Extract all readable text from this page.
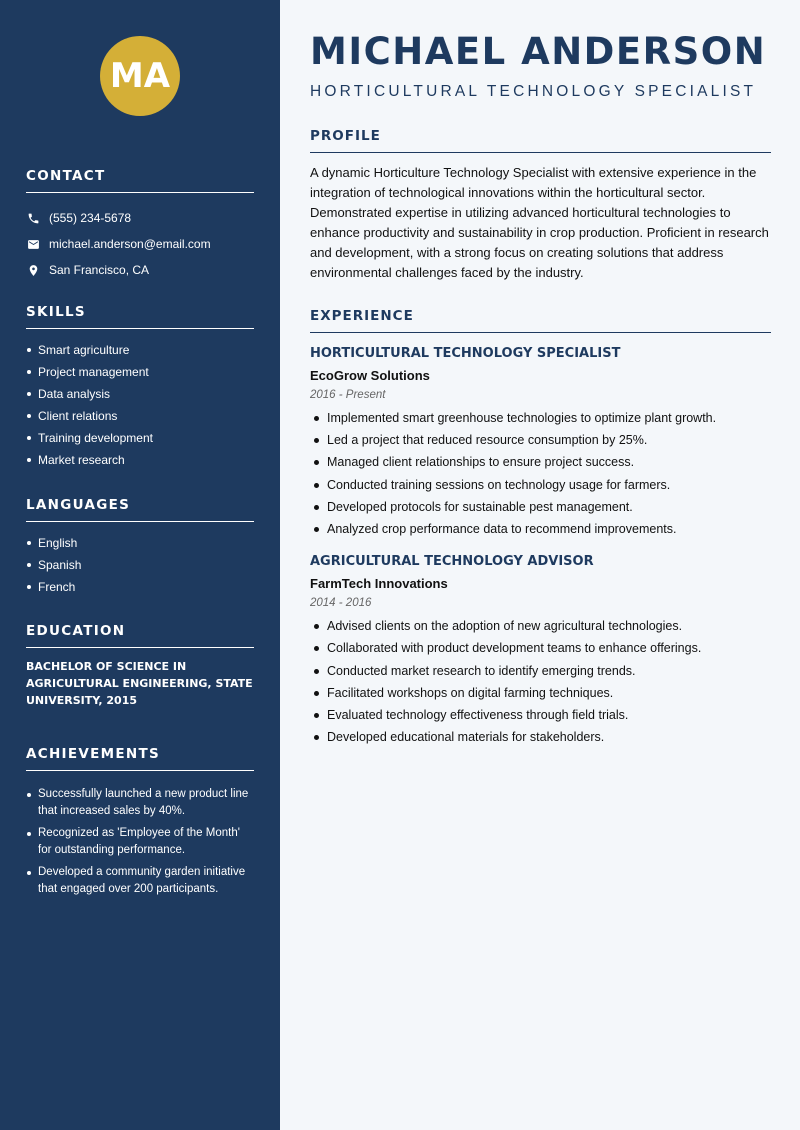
MA
CONTACT
(555) 234-5678
michael.anderson@email.com
San Francisco, CA
SKILLS
Smart agriculture
Project management
Data analysis
Client relations
Training development
Market research
LANGUAGES
English
Spanish
French
EDUCATION

BACHELOR OF SCIENCE IN AGRICULTURAL ENGINEERING, STATE UNIVERSITY, 2015

ACHIEVEMENTS
Successfully launched a new product line that increased sales by 40%.
Recognized as 'Employee of the Month' for outstanding performance.
Developed a community garden initiative that engaged over 200 participants.
MICHAEL ANDERSON
HORTICULTURAL TECHNOLOGY SPECIALIST
PROFILE

A dynamic Horticulture Technology Specialist with extensive experience in the integration of technological innovations within the horticultural sector. Demonstrated expertise in utilizing advanced horticultural technologies to enhance productivity and sustainability in crop production. Proficient in research and development, with a strong focus on creating solutions that address environmental challenges faced by the industry.

EXPERIENCE
HORTICULTURAL TECHNOLOGY SPECIALIST
EcoGrow Solutions
2016 - Present
Implemented smart greenhouse technologies to optimize plant growth.
Led a project that reduced resource consumption by 25%.
Managed client relationships to ensure project success.
Conducted training sessions on technology usage for farmers.
Developed protocols for sustainable pest management.
Analyzed crop performance data to recommend improvements.
AGRICULTURAL TECHNOLOGY ADVISOR
FarmTech Innovations
2014 - 2016
Advised clients on the adoption of new agricultural technologies.
Collaborated with product development teams to enhance offerings.
Conducted market research to identify emerging trends.
Facilitated workshops on digital farming techniques.
Evaluated technology effectiveness through field trials.
Developed educational materials for stakeholders.
